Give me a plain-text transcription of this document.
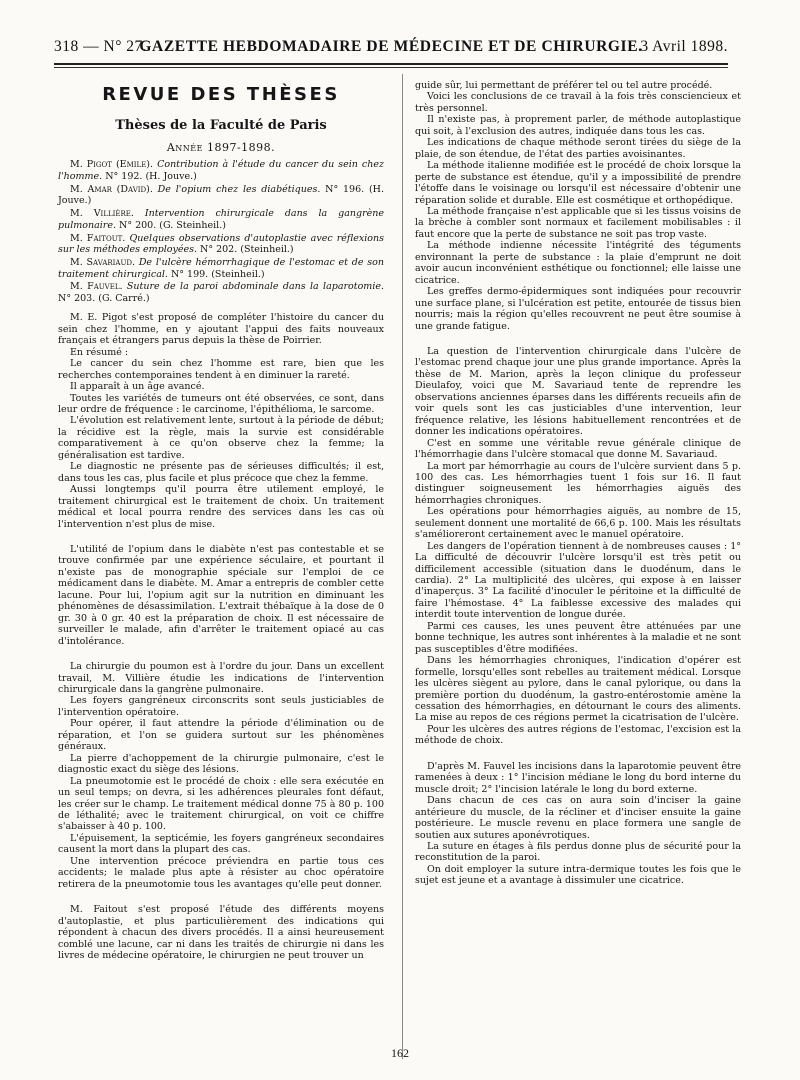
318 — N° 27.
GAZETTE HEBDOMADAIRE DE MÉDECINE ET DE CHIRURGIE.
3 Avril 1898.
REVUE DES THÈSES
Thèses de la Faculté de Paris
Année 1897-1898.

M. Pigot (Emile). Contribution à l'étude du cancer du sein chez l'homme. N° 192. (H. Jouve.)

M. Amar (David). De l'opium chez les diabétiques. N° 196. (H. Jouve.)

M. Villière. Intervention chirurgicale dans la gangrène pulmonaire. N° 200. (G. Steinheil.)

M. Faitout. Quelques observations d'autoplastie avec réflexions sur les méthodes employées. N° 202. (Steinheil.)

M. Savariaud. De l'ulcère hémorrhagique de l'estomac et de son traitement chirurgical. N° 199. (Steinheil.)

M. Fauvel. Suture de la paroi abdominale dans la laparotomie. N° 203. (G. Carré.)

M. E. Pigot s'est proposé de compléter l'histoire du cancer du sein chez l'homme, en y ajoutant l'appui des faits nouveaux français et étrangers parus depuis la thèse de Poirrier.

En résumé :

Le cancer du sein chez l'homme est rare, bien que les recherches contemporaines tendent à en diminuer la rareté.

Il apparaît à un âge avancé.

Toutes les variétés de tumeurs ont été observées, ce sont, dans leur ordre de fréquence : le carcinome, l'épithélioma, le sarcome.

L'évolution est relativement lente, surtout à la période de début; la récidive est la règle, mais la survie est considérable comparativement à ce qu'on observe chez la femme; la généralisation est tardive.

Le diagnostic ne présente pas de sérieuses difficultés; il est, dans tous les cas, plus facile et plus précoce que chez la femme.

Aussi longtemps qu'il pourra être utilement employé, le traitement chirurgical est le traitement de choix. Un traitement médical et local pourra rendre des services dans les cas où l'intervention n'est plus de mise.

L'utilité de l'opium dans le diabète n'est pas contestable et se trouve confirmée par une expérience séculaire, et pourtant il n'existe pas de monographie spéciale sur l'emploi de ce médicament dans le diabète. M. Amar a entrepris de combler cette lacune. Pour lui, l'opium agit sur la nutrition en diminuant les phénomènes de désassimilation. L'extrait thébaïque à la dose de 0 gr. 30 à 0 gr. 40 est la préparation de choix. Il est nécessaire de surveiller le malade, afin d'arrêter le traitement opiacé au cas d'intolérance.

La chirurgie du poumon est à l'ordre du jour. Dans un excellent travail, M. Villière étudie les indications de l'intervention chirurgicale dans la gangrène pulmonaire.

Les foyers gangréneux circonscrits sont seuls justiciables de l'intervention opératoire.

Pour opérer, il faut attendre la période d'élimination ou de réparation, et l'on se guidera surtout sur les phénomènes généraux.

La pierre d'achoppement de la chirurgie pulmonaire, c'est le diagnostic exact du siège des lésions.

La pneumotomie est le procédé de choix : elle sera exécutée en un seul temps; on devra, si les adhérences pleurales font défaut, les créer sur le champ. Le traitement médical donne 75 à 80 p. 100 de léthalité; avec le traitement chirurgical, on voit ce chiffre s'abaisser à 40 p. 100.

L'épuisement, la septicémie, les foyers gangréneux secondaires causent la mort dans la plupart des cas.

Une intervention précoce préviendra en partie tous ces accidents; le malade plus apte à résister au choc opératoire retirera de la pneumotomie tous les avantages qu'elle peut donner.

M. Faitout s'est proposé l'étude des différents moyens d'autoplastie, et plus particulièrement des indications qui répondent à chacun des divers procédés. Il a ainsi heureusement comblé une lacune, car ni dans les traités de chirurgie ni dans les livres de médecine opératoire, le chirurgien ne peut trouver un

guide sûr, lui permettant de préférer tel ou tel autre procédé.

Voici les conclusions de ce travail à la fois très consciencieux et très personnel.

Il n'existe pas, à proprement parler, de méthode autoplastique qui soit, à l'exclusion des autres, indiquée dans tous les cas.

Les indications de chaque méthode seront tirées du siège de la plaie, de son étendue, de l'état des parties avoisinantes.

La méthode italienne modifiée est le procédé de choix lorsque la perte de substance est étendue, qu'il y a impossibilité de prendre l'étoffe dans le voisinage ou lorsqu'il est nécessaire d'obtenir une réparation solide et durable. Elle est cosmétique et orthopédique.

La méthode française n'est applicable que si les tissus voisins de la brèche à combler sont normaux et facilement mobilisables : il faut encore que la perte de substance ne soit pas trop vaste.

La méthode indienne nécessite l'intégrité des téguments environnant la perte de substance : la plaie d'emprunt ne doit avoir aucun inconvénient esthétique ou fonctionnel; elle laisse une cicatrice.

Les greffes dermo-épidermiques sont indiquées pour recouvrir une surface plane, si l'ulcération est petite, entourée de tissus bien nourris; mais la région qu'elles recouvrent ne peut être soumise à une grande fatigue.

La question de l'intervention chirurgicale dans l'ulcère de l'estomac prend chaque jour une plus grande importance. Après la thèse de M. Marion, après la leçon clinique du professeur Dieulafoy, voici que M. Savariaud tente de reprendre les observations anciennes éparses dans les différents recueils afin de voir quels sont les cas justiciables d'une intervention, leur fréquence relative, les lésions habituellement rencontrées et de donner les indications opératoires.

C'est en somme une véritable revue générale clinique de l'hémorrhagie dans l'ulcère stomacal que donne M. Savariaud.

La mort par hémorrhagie au cours de l'ulcère survient dans 5 p. 100 des cas. Les hémorrhagies tuent 1 fois sur 16. Il faut distinguer soigneusement les hémorrhagies aiguës des hémorrhagies chroniques.

Les opérations pour hémorrhagies aiguës, au nombre de 15, seulement donnent une mortalité de 66,6 p. 100. Mais les résultats s'amélioreront certainement avec le manuel opératoire.

Les dangers de l'opération tiennent à de nombreuses causes : 1° La difficulté de découvrir l'ulcère lorsqu'il est très petit ou difficilement accessible (situation dans le duodénum, dans le cardia). 2° La multiplicité des ulcères, qui expose à en laisser d'inaperçus. 3° La facilité d'inoculer le péritoine et la difficulté de faire l'hémostase. 4° La faiblesse excessive des malades qui interdit toute intervention de longue durée.

Parmi ces causes, les unes peuvent être atténuées par une bonne technique, les autres sont inhérentes à la maladie et ne sont pas susceptibles d'être modifiées.

Dans les hémorrhagies chroniques, l'indication d'opérer est formelle, lorsqu'elles sont rebelles au traitement médical. Lorsque les ulcères siègent au pylore, dans le canal pylorique, ou dans la première portion du duodénum, la gastro-entérostomie amène la cessation des hémorrhagies, en détournant le cours des aliments. La mise au repos de ces régions permet la cicatrisation de l'ulcère.

Pour les ulcères des autres régions de l'estomac, l'excision est la méthode de choix.

D'après M. Fauvel les incisions dans la laparotomie peuvent être ramenées à deux : 1° l'incision médiane le long du bord interne du muscle droit; 2° l'incision latérale le long du bord externe.

Dans chacun de ces cas on aura soin d'inciser la gaine antérieure du muscle, de la récliner et d'inciser ensuite la gaine postérieure. Le muscle revenu en place formera une sangle de soutien aux sutures aponévrotiques.

La suture en étages à fils perdus donne plus de sécurité pour la reconstitution de la paroi.

On doit employer la suture intra-dermique toutes les fois que le sujet est jeune et a avantage à dissimuler une cicatrice.

162
